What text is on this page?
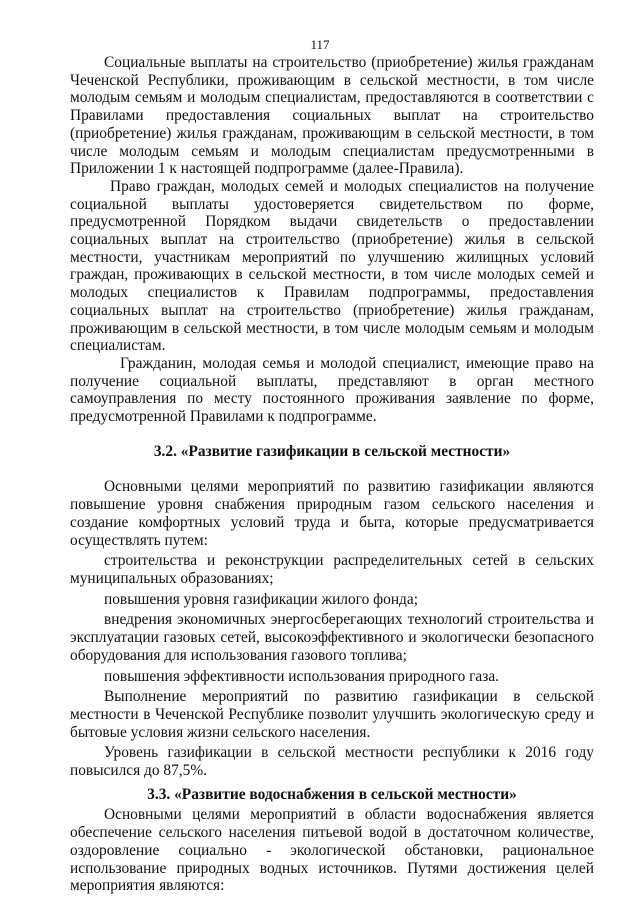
117

Социальные выплаты на строительство (приобретение) жилья гражданам Чеченской Республики, проживающим в сельской местности, в том числе молодым семьям и молодым специалистам, предоставляются в соответствии с Правилами предоставления социальных выплат на строительство (приобретение) жилья гражданам, проживающим в сельской местности, в том числе молодым семьям и молодым специалистам предусмотренными в Приложении 1 к настоящей подпрограмме (далее-Правила).

Право граждан, молодых семей и молодых специалистов на получение социальной выплаты удостоверяется свидетельством по форме, предусмотренной Порядком выдачи свидетельств о предоставлении социальных выплат на строительство (приобретение) жилья в сельской местности, участникам мероприятий по улучшению жилищных условий граждан, проживающих в сельской местности, в том числе молодых семей и молодых специалистов к Правилам подпрограммы, предоставления социальных выплат на строительство (приобретение) жилья гражданам, проживающим в сельской местности, в том числе молодым семьям и молодым специалистам.

Гражданин, молодая семья и молодой специалист, имеющие право на получение социальной выплаты, представляют в орган местного самоуправления по месту постоянного проживания заявление по форме, предусмотренной Правилами к подпрограмме.

3.2. «Развитие газификации в сельской местности»

Основными целями мероприятий по развитию газификации являются повышение уровня снабжения природным газом сельского населения и создание комфортных условий труда и быта, которые предусматривается осуществлять путем:

строительства и реконструкции распределительных сетей в сельских муниципальных образованиях;

повышения уровня газификации жилого фонда;

внедрения экономичных энергосберегающих технологий строительства и эксплуатации газовых сетей, высокоэффективного и экологически безопасного оборудования для использования газового топлива;

повышения эффективности использования природного газа.

Выполнение мероприятий по развитию газификации в сельской местности в Чеченской Республике позволит улучшить экологическую среду и бытовые условия жизни сельского населения.

Уровень газификации в сельской местности республики к 2016 году повысился до 87,5%.

3.3. «Развитие водоснабжения в сельской местности»

Основными целями мероприятий в области водоснабжения является обеспечение сельского населения питьевой водой в достаточном количестве, оздоровление социально - экологической обстановки, рациональное использование природных водных источников. Путями достижения целей мероприятия являются:
